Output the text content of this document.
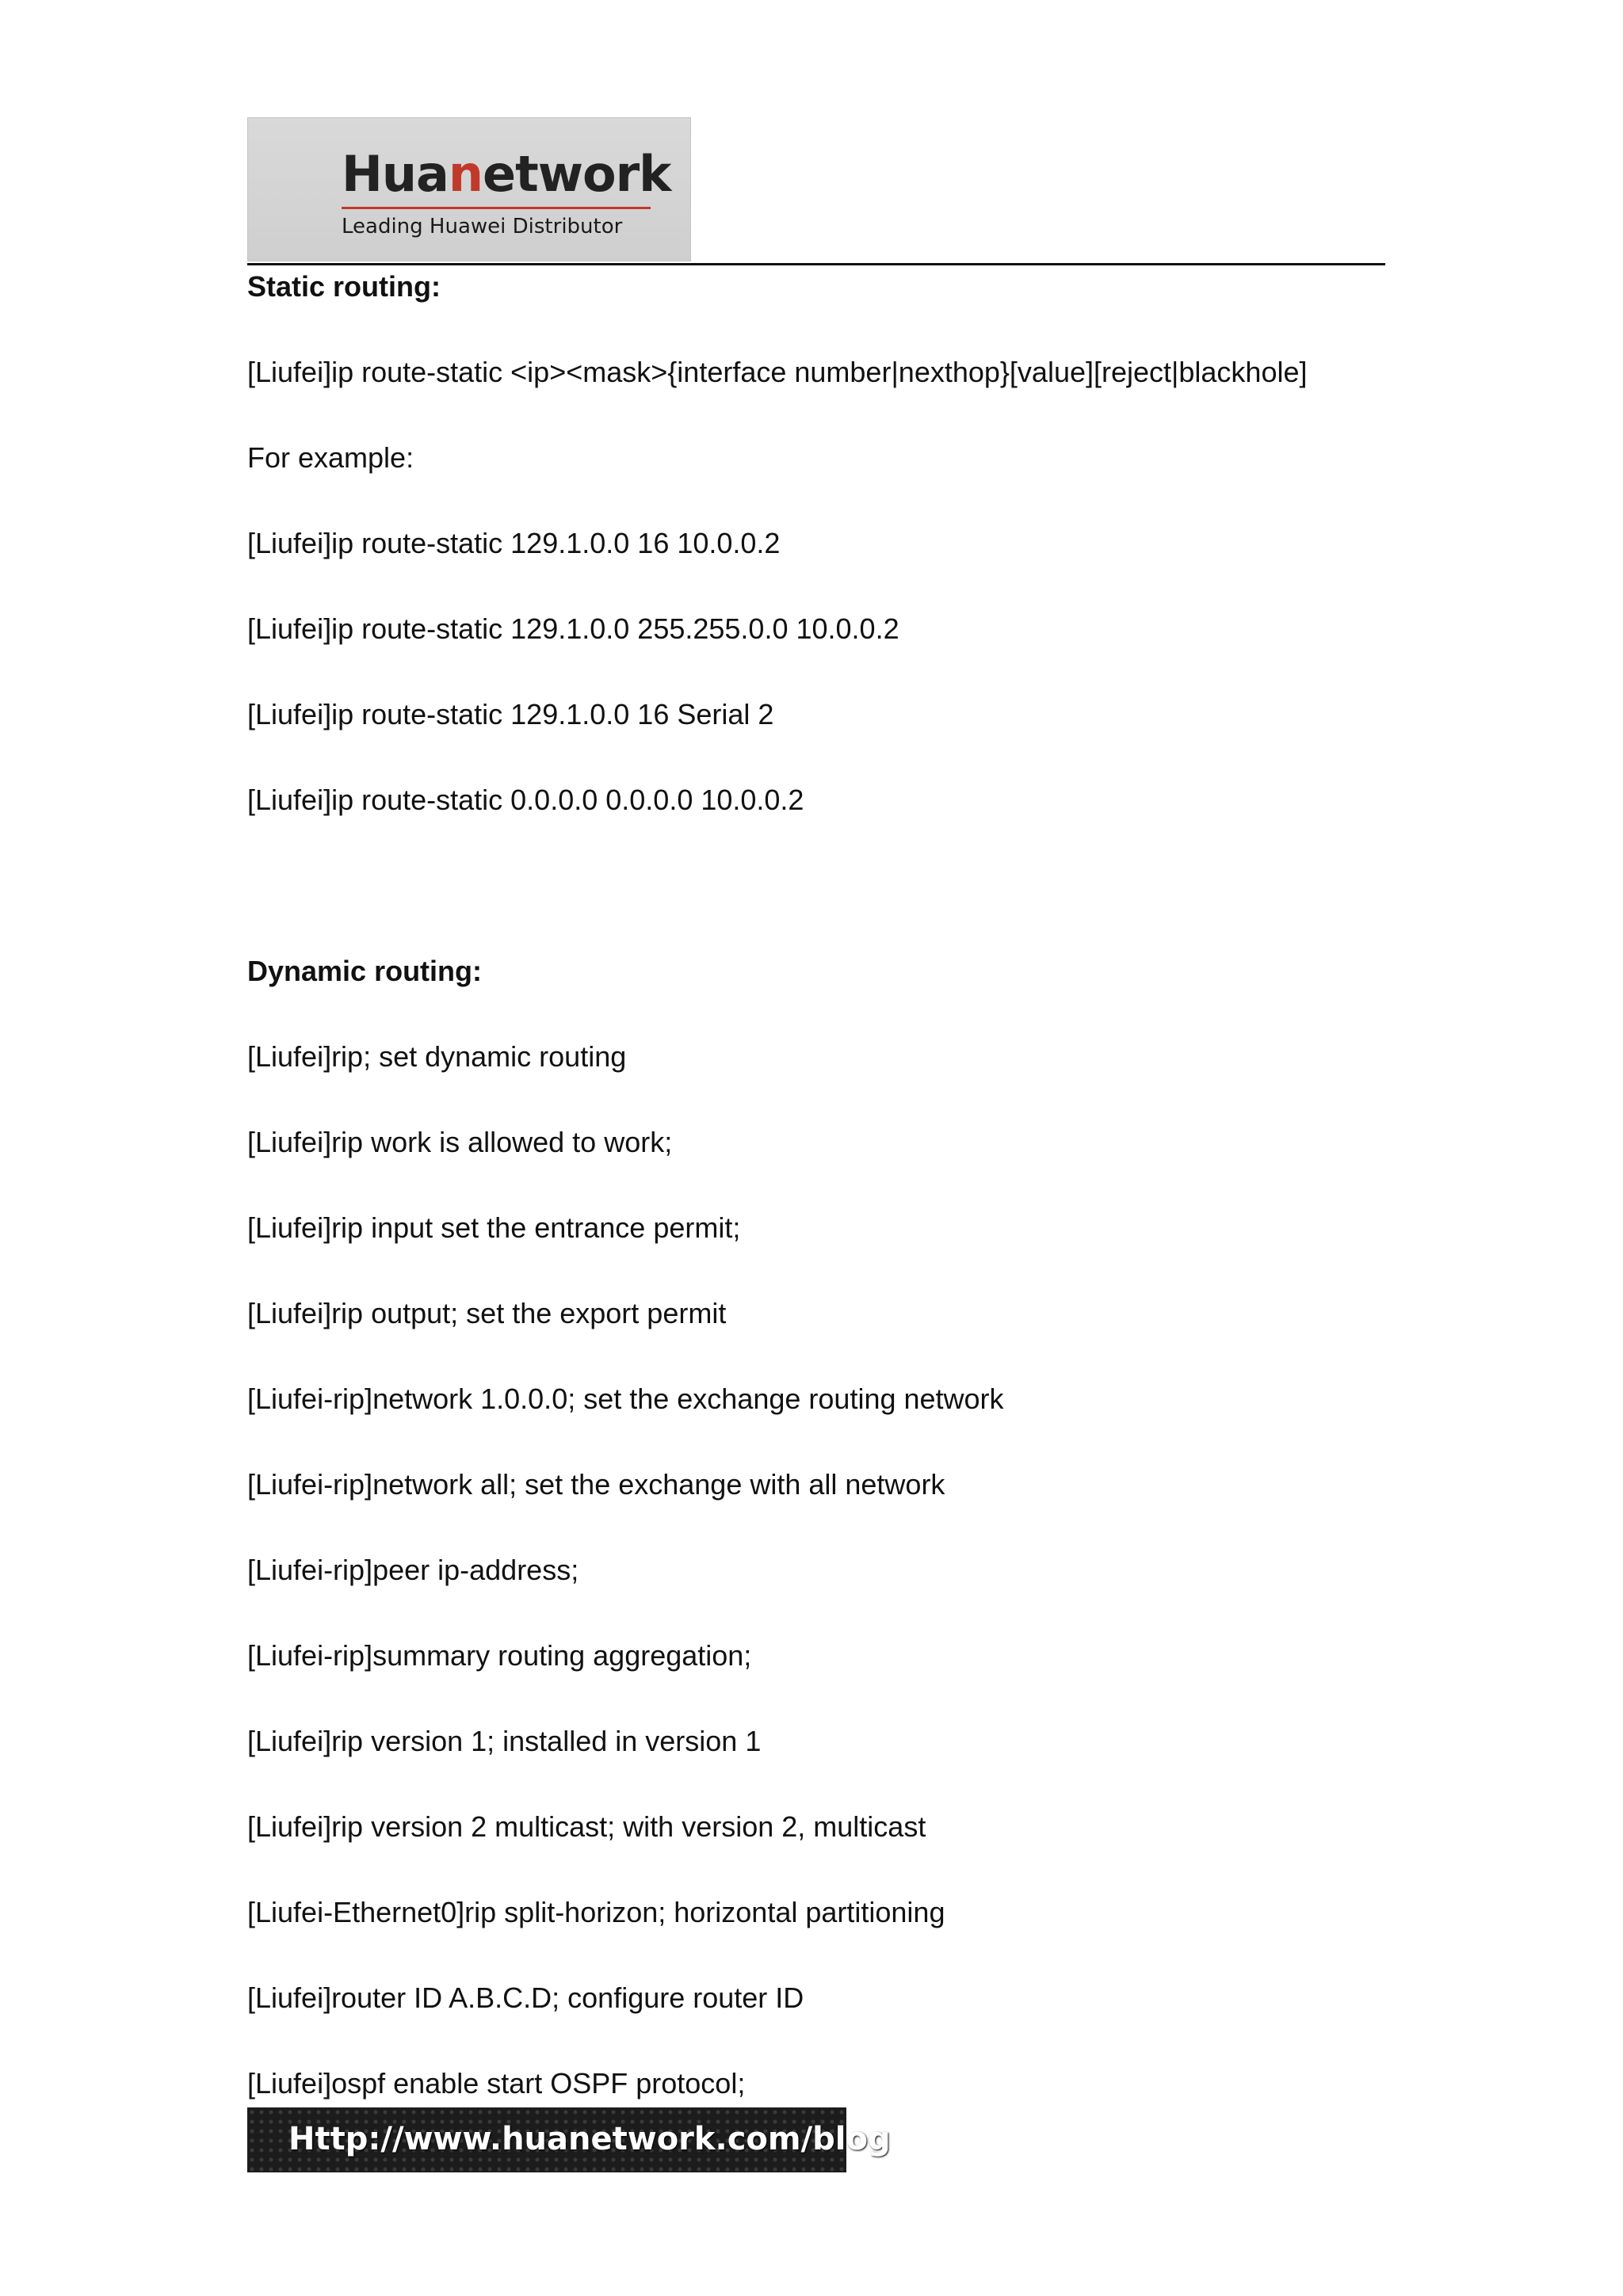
Huanetwork
Leading Huawei Distributor
Static routing:
[Liufei]ip route-static <ip><mask>{interface number|nexthop}[value][reject|blackhole]
For example:
[Liufei]ip route-static 129.1.0.0 16 10.0.0.2
[Liufei]ip route-static 129.1.0.0 255.255.0.0 10.0.0.2
[Liufei]ip route-static 129.1.0.0 16 Serial 2
[Liufei]ip route-static 0.0.0.0 0.0.0.0 10.0.0.2
Dynamic routing:
[Liufei]rip; set dynamic routing
[Liufei]rip work is allowed to work;
[Liufei]rip input set the entrance permit;
[Liufei]rip output; set the export permit
[Liufei-rip]network 1.0.0.0; set the exchange routing network
[Liufei-rip]network all; set the exchange with all network
[Liufei-rip]peer ip-address;
[Liufei-rip]summary routing aggregation;
[Liufei]rip version 1; installed in version 1
[Liufei]rip version 2 multicast; with version 2, multicast
[Liufei-Ethernet0]rip split-horizon; horizontal partitioning
[Liufei]router ID A.B.C.D; configure router ID
[Liufei]ospf enable start OSPF protocol;
Http://www.huanetwork.com/blog
